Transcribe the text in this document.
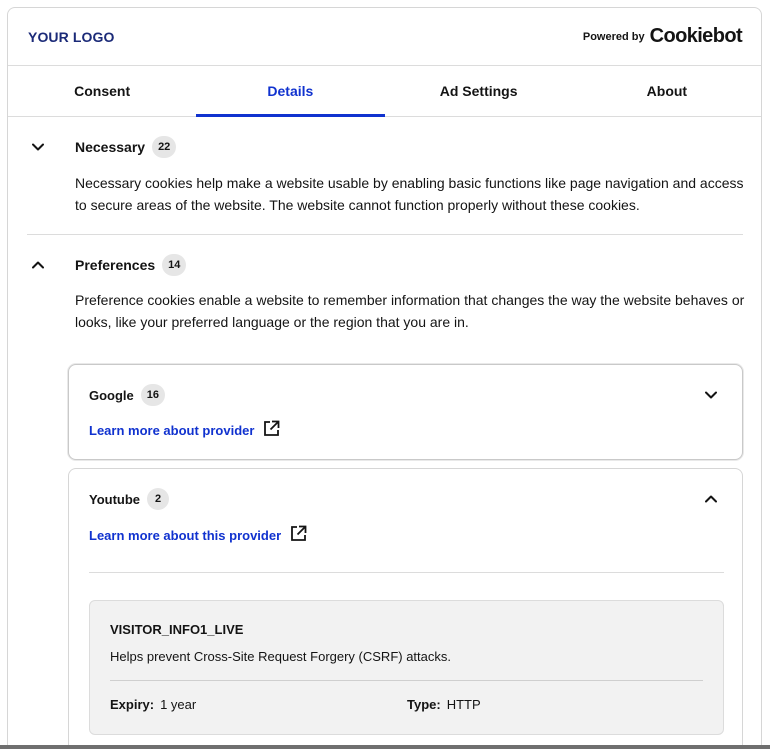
YOUR LOGO	Powered by Cookiebot
Consent	Details	Ad Settings	About
Necessary	22
Necessary cookies help make a website usable by enabling basic functions like page navigation and access to secure areas of the website. The website cannot function properly without these cookies.
Preferences	14
Preference cookies enable a website to remember information that changes the way the website behaves or looks, like your preferred language or the region that you are in.
Google	16
Learn more about provider
Youtube	2
Learn more about this provider
VISITOR_INFO1_LIVE
Helps prevent Cross-Site Request Forgery (CSRF) attacks.
Expiry: 1 year	Type: HTTP
